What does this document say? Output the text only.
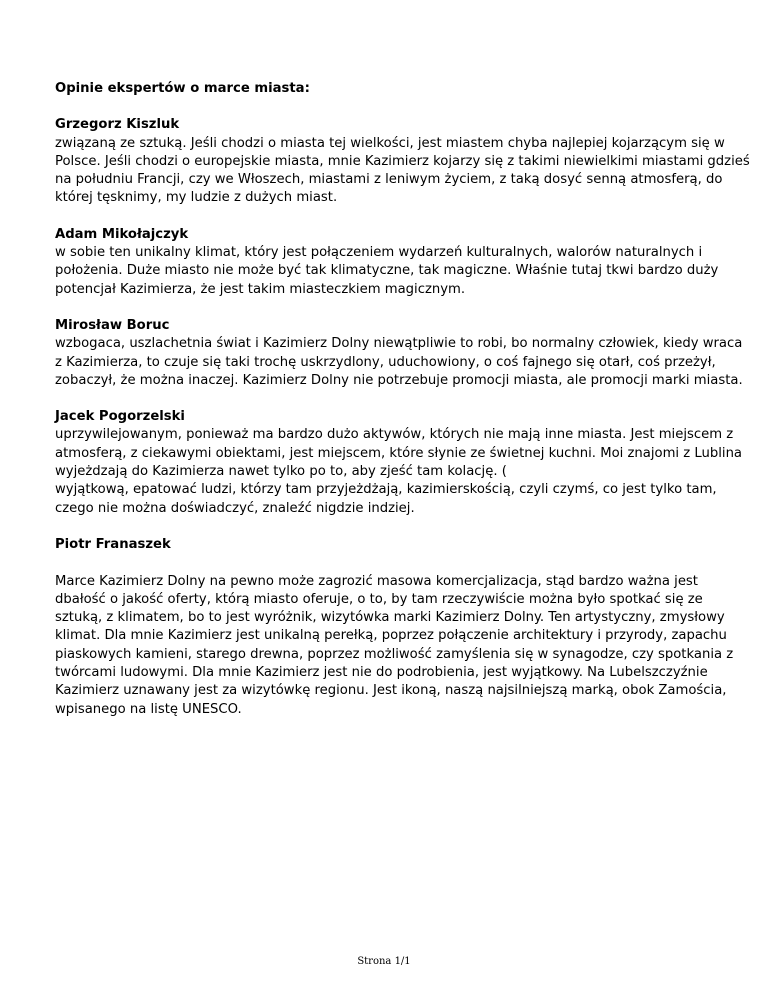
Opinie ekspertów o marce miasta:

Grzegorz Kiszluk

związaną ze sztuką. Jeśli chodzi o miasta tej wielkości, jest miastem chyba najlepiej kojarzącym się w

Polsce. Jeśli chodzi o europejskie miasta, mnie Kazimierz kojarzy się z takimi niewielkimi miastami gdzieś

na południu Francji, czy we Włoszech, miastami z leniwym życiem, z taką dosyć senną atmosferą, do

której tęsknimy, my ludzie z dużych miast.

Adam Mikołajczyk

w sobie ten unikalny klimat, który jest połączeniem wydarzeń kulturalnych, walorów naturalnych i

położenia. Duże miasto nie może być tak klimatyczne, tak magiczne. Właśnie tutaj tkwi bardzo duży

potencjał Kazimierza, że jest takim miasteczkiem magicznym.

Mirosław Boruc

wzbogaca, uszlachetnia świat i Kazimierz Dolny niewątpliwie to robi, bo normalny człowiek, kiedy wraca

z Kazimierza, to czuje się taki trochę uskrzydlony, uduchowiony, o coś fajnego się otarł, coś przeżył,

zobaczył, że można inaczej. Kazimierz Dolny nie potrzebuje promocji miasta, ale promocji marki miasta.

Jacek Pogorzelski

uprzywilejowanym, ponieważ ma bardzo dużo aktywów, których nie mają inne miasta. Jest miejscem z

atmosferą, z ciekawymi obiektami, jest miejscem, które słynie ze świetnej kuchni. Moi znajomi z Lublina

wyjeżdzają do Kazimierza nawet tylko po to, aby zjeść tam kolację. (

wyjątkową, epatować ludzi, którzy tam przyjeżdżają, kazimierskością, czyli czymś, co jest tylko tam,

czego nie można doświadczyć, znaleźć nigdzie indziej.

Piotr Franaszek

Marce Kazimierz Dolny na pewno może zagrozić masowa komercjalizacja, stąd bardzo ważna jest

dbałość o jakość oferty, którą miasto oferuje, o to, by tam rzeczywiście można było spotkać się ze

sztuką, z klimatem, bo to jest wyróżnik, wizytówka marki Kazimierz Dolny. Ten artystyczny, zmysłowy

klimat. Dla mnie Kazimierz jest unikalną perełką, poprzez połączenie architektury i przyrody, zapachu

piaskowych kamieni, starego drewna, poprzez możliwość zamyślenia się w synagodze, czy spotkania z

twórcami ludowymi. Dla mnie Kazimierz jest nie do podrobienia, jest wyjątkowy. Na Lubelszczyźnie

Kazimierz uznawany jest za wizytówkę regionu. Jest ikoną, naszą najsilniejszą marką, obok Zamościa,

wpisanego na listę UNESCO.

Strona 1/1
